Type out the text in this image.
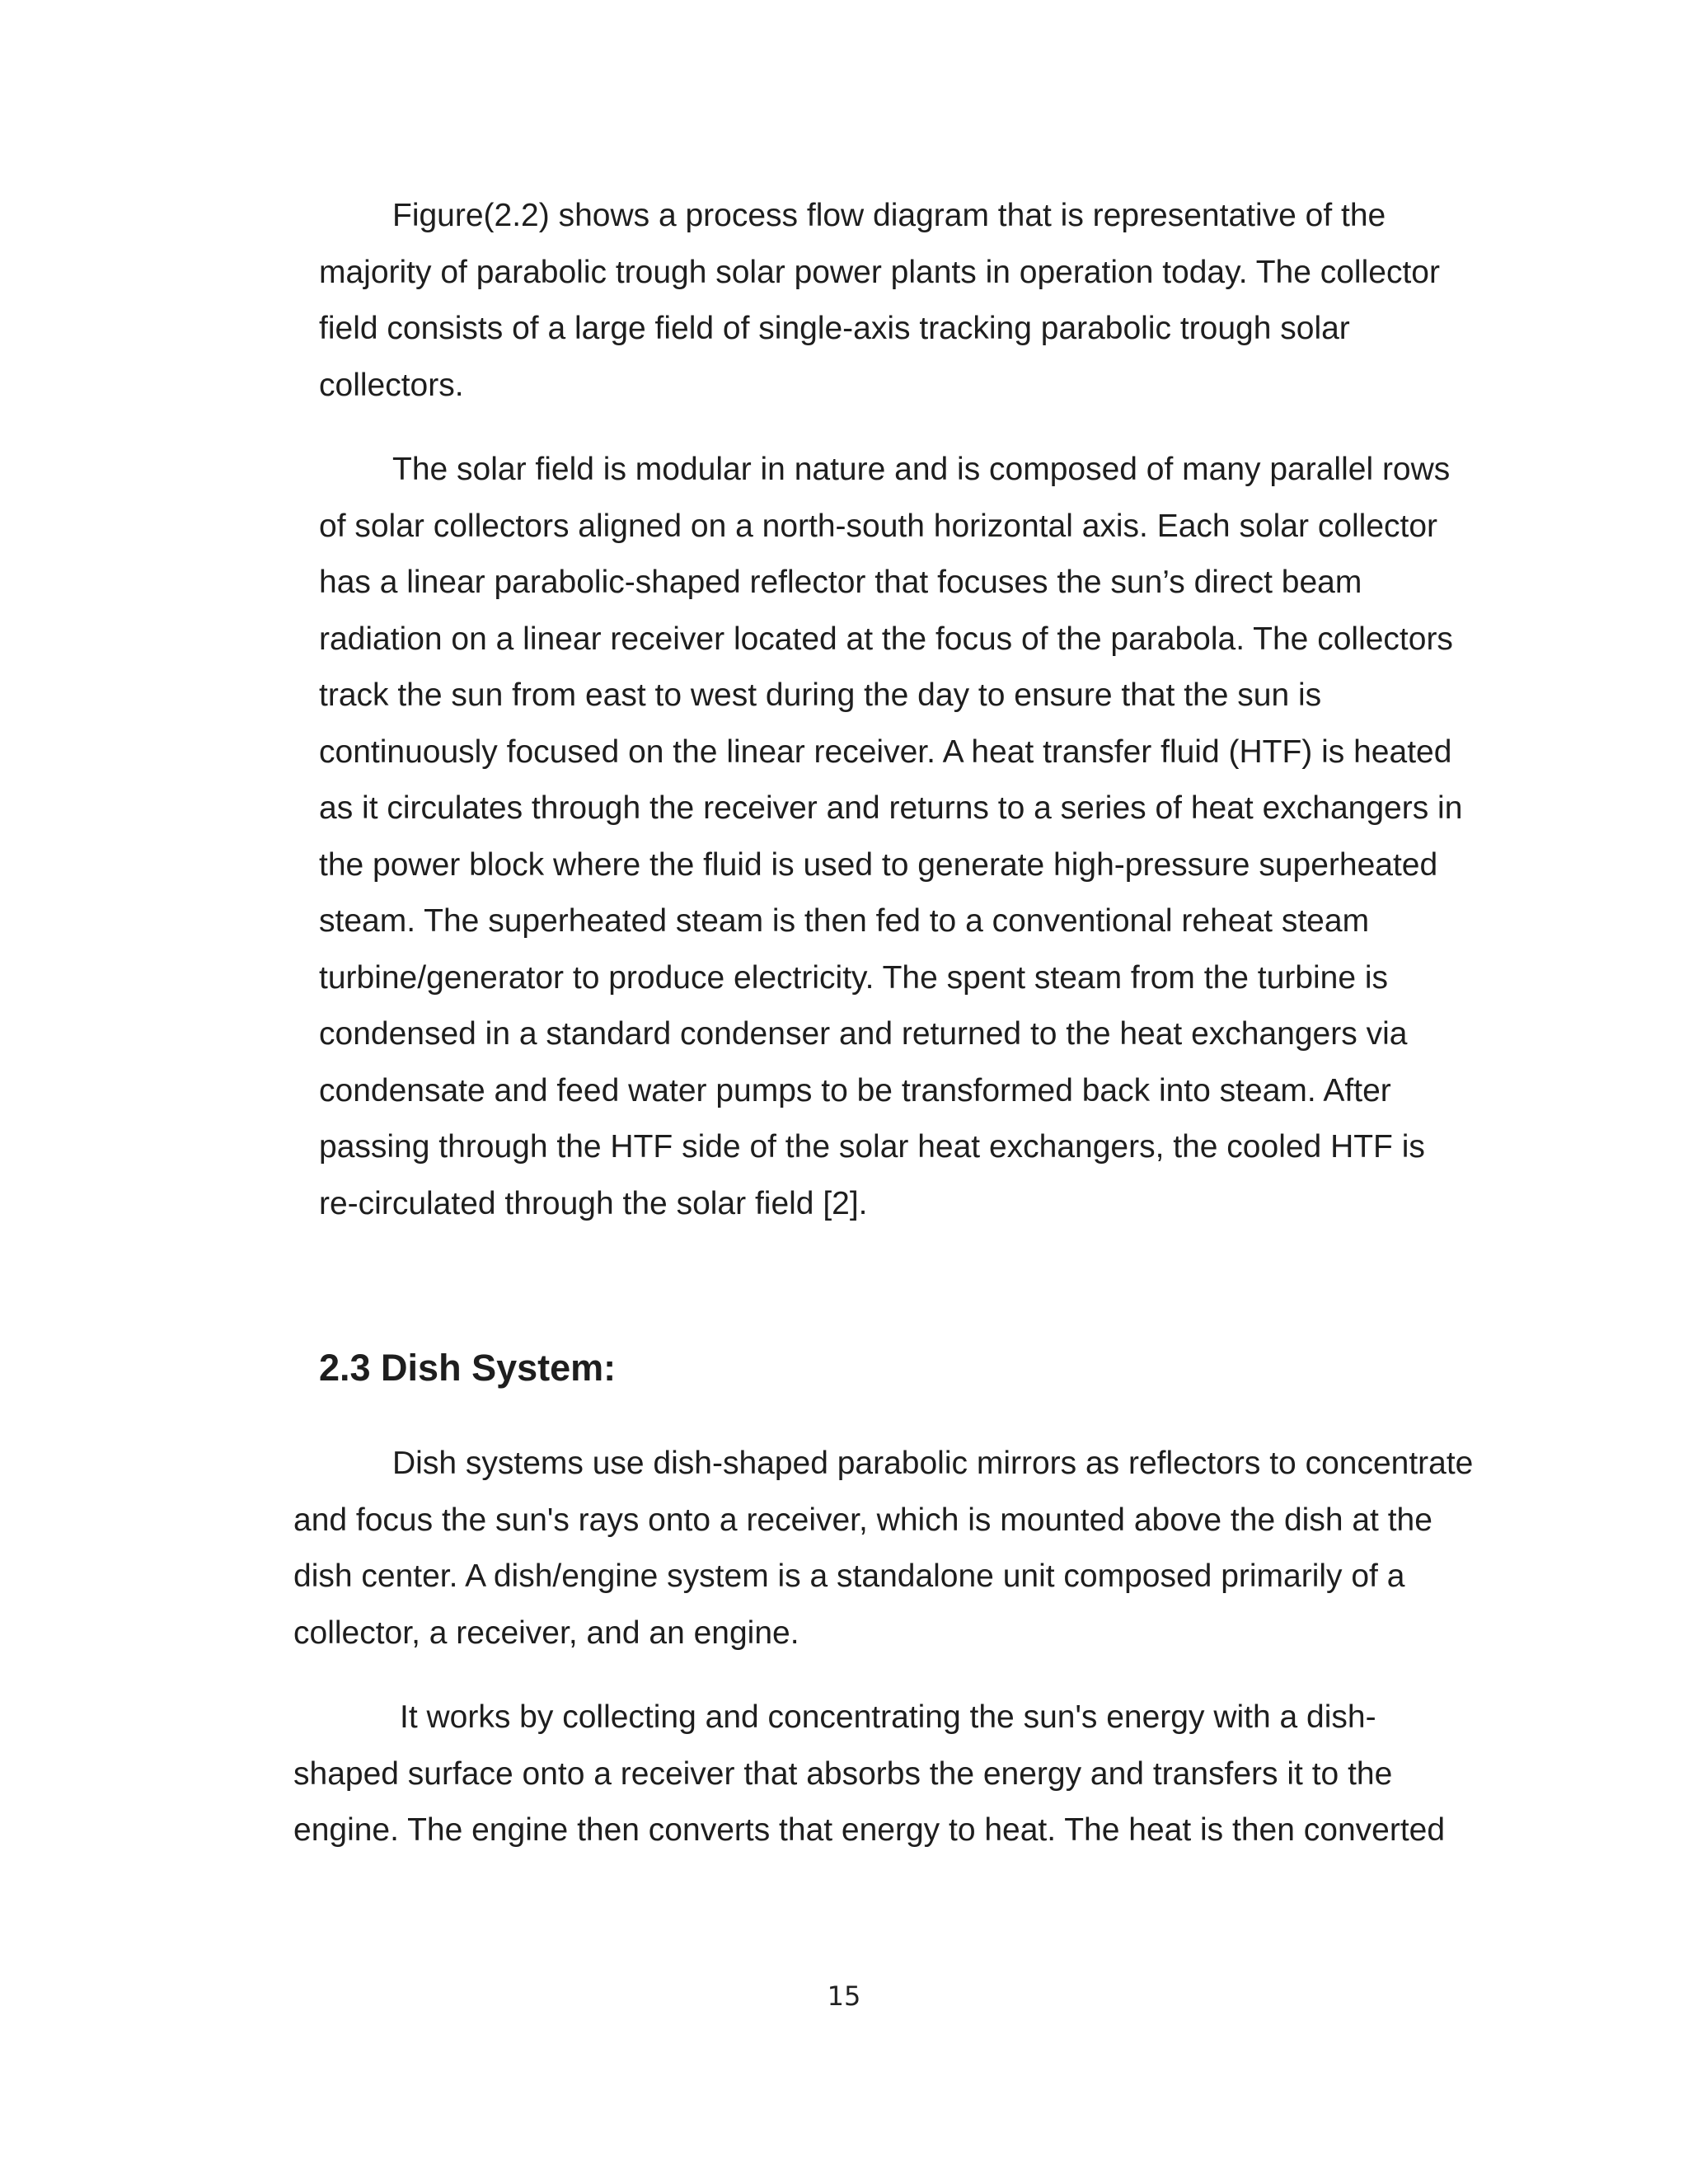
Figure(2.2) shows a process flow diagram that is representative of the majority of parabolic trough solar power plants in operation today. The collector field consists of a large field of single-axis tracking parabolic trough solar collectors.

The solar field is modular in nature and is composed of many parallel rows of solar collectors aligned on a north-south horizontal axis. Each solar collector has a linear parabolic-shaped reflector that focuses the sun’s direct beam radiation on a linear receiver located at the focus of the parabola. The collectors track the sun from east to west during the day to ensure that the sun is continuously focused on the linear receiver. A heat transfer fluid (HTF) is heated as it circulates through the receiver and returns to a series of heat exchangers in the power block where the fluid is used to generate high-pressure superheated steam. The superheated steam is then fed to a conventional reheat steam turbine/generator to produce electricity. The spent steam from the turbine is condensed in a standard condenser and returned to the heat exchangers via condensate and feed water pumps to be transformed back into steam. After passing through the HTF side of the solar heat exchangers, the cooled HTF is re-circulated through the solar field [2].

2.3 Dish System:

Dish systems use dish-shaped parabolic mirrors as reflectors to concentrate and focus the sun's rays onto a receiver, which is mounted above the dish at the dish center. A dish/engine system is a standalone unit composed primarily of a collector, a receiver, and an engine.

It works by collecting and concentrating the sun's energy with a dish-shaped surface onto a receiver that absorbs the energy and transfers it to the engine. The engine then converts that energy to heat. The heat is then converted

15
